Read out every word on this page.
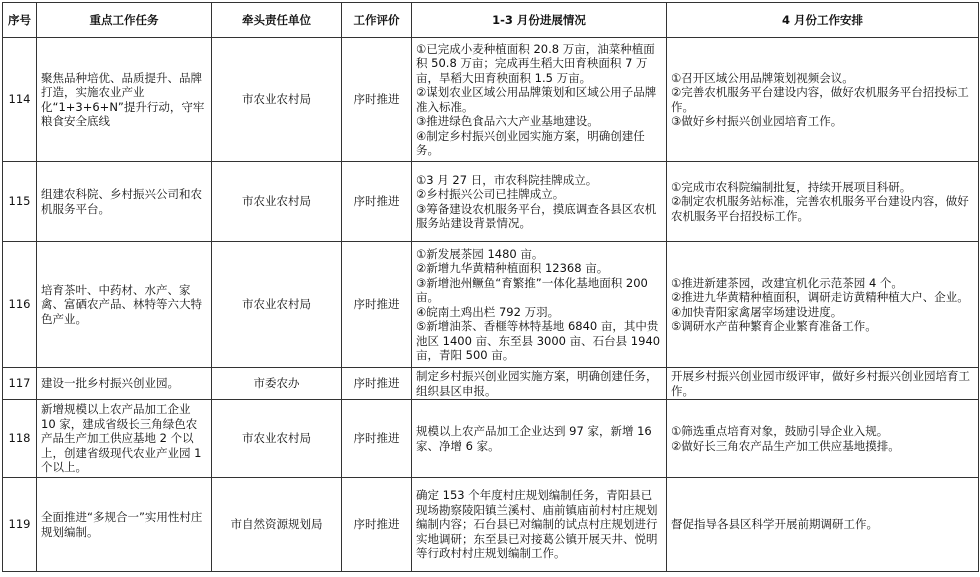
序号	重点工作任务	牵头责任单位	工作评价	1-3 月份进展情况	4 月份工作安排
114	聚焦品种培优、品质提升、品牌打造，实施农业产业化“1+3+6+N”提升行动，守牢粮食安全底线	市农业农村局	序时推进	①已完成小麦种植面积 20.8 万亩，油菜种植面积 50.8 万亩；完成再生稻大田育秧面积 7 万亩，旱稻大田育秧面积 1.5 万亩。
②谋划农业区域公用品牌策划和区域公用子品牌准入标准。
③推进绿色食品六大产业基地建设。
④制定乡村振兴创业园实施方案，明确创建任务。	①召开区域公用品牌策划视频会议。
②完善农机服务平台建设内容，做好农机服务平台招投标工作。
③做好乡村振兴创业园培育工作。

115	组建农科院、乡村振兴公司和农机服务平台。	市农业农村局	序时推进	①3 月 27 日，市农科院挂牌成立。
②乡村振兴公司已挂牌成立。
③筹备建设农机服务平台，摸底调查各县区农机服务站建设背景情况。	①完成市农科院编制批复，持续开展项目科研。
②制定农机服务站标准，完善农机服务平台建设内容，做好农机服务平台招投标工作。

116	培育茶叶、中药材、水产、家禽、富硒农产品、林特等六大特色产业。	市农业农村局	序时推进	①新发展茶园 1480 亩。
②新增九华黄精种植面积 12368 亩。
③新增池州鳜鱼“育繁推”一体化基地面积 200 亩。
④皖南土鸡出栏 792 万羽。
⑤新增油茶、香榧等林特基地 6840 亩，其中贵池区 1400 亩、东至县 3000 亩、石台县 1940 亩，青阳 500 亩。	①推进新建茶园，改建宜机化示范茶园 4 个。
②推进九华黄精种植面积，调研走访黄精种植大户、企业。
④加快青阳家禽屠宰场建设进度。
⑤调研水产苗种繁育企业繁育准备工作。

117	建设一批乡村振兴创业园。	市委农办	序时推进	制定乡村振兴创业园实施方案，明确创建任务，组织县区申报。	开展乡村振兴创业园市级评审，做好乡村振兴创业园培育工作。

118	新增规模以上农产品加工企业 10 家，建成省级长三角绿色农产品生产加工供应基地 2 个以上，创建省级现代农业产业园 1 个以上。	市农业农村局	序时推进	规模以上农产品加工企业达到 97 家，新增 16 家、净增 6 家。	①筛选重点培育对象，鼓励引导企业入规。
②做好长三角农产品生产加工供应基地摸排。

119	全面推进“多规合一”实用性村庄规划编制。	市自然资源规划局	序时推进	确定 153 个年度村庄规划编制任务，青阳县已现场勘察陵阳镇兰溪村、庙前镇庙前村村庄规划编制内容；石台县已对编制的试点村庄规划进行实地调研；东至县已对接葛公镇开展天井、悦明等行政村村庄规划编制工作。	督促指导各县区科学开展前期调研工作。
